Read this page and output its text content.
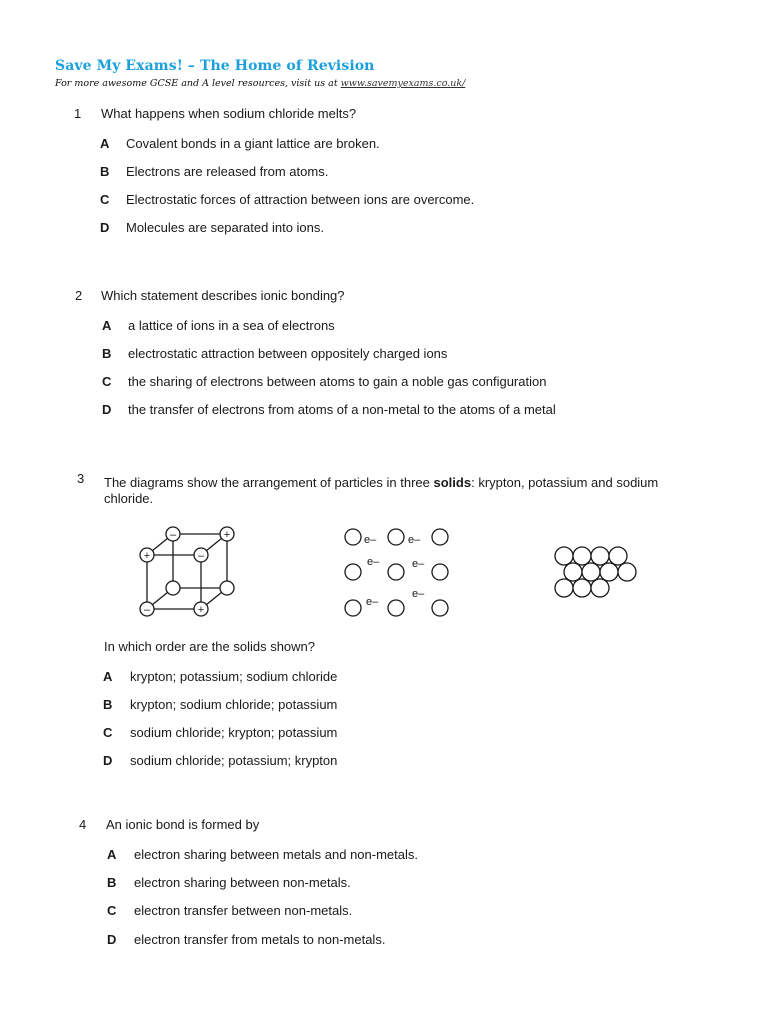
Save My Exams! – The Home of Revision
For more awesome GCSE and A level resources, visit us at www.savemyexams.co.uk/
1 What happens when sodium chloride melts?
A Covalent bonds in a giant lattice are broken.
B Electrons are released from atoms.
C Electrostatic forces of attraction between ions are overcome.
D Molecules are separated into ions.
2 Which statement describes ionic bonding?
A a lattice of ions in a sea of electrons
B electrostatic attraction between oppositely charged ions
C the sharing of electrons between atoms to gain a noble gas configuration
D the transfer of electrons from atoms of a non-metal to the atoms of a metal
3 The diagrams show the arrangement of particles in three solids: krypton, potassium and sodium
chloride.
–	+
+	–
–	+
e–	e–
e–	e–
e–
e–
In which order are the solids shown?
A krypton; potassium; sodium chloride
B krypton; sodium chloride; potassium
C sodium chloride; krypton; potassium
D sodium chloride; potassium; krypton
4 An ionic bond is formed by
A electron sharing between metals and non-metals.
B electron sharing between non-metals.
C electron transfer between non-metals.
D electron transfer from metals to non-metals.
